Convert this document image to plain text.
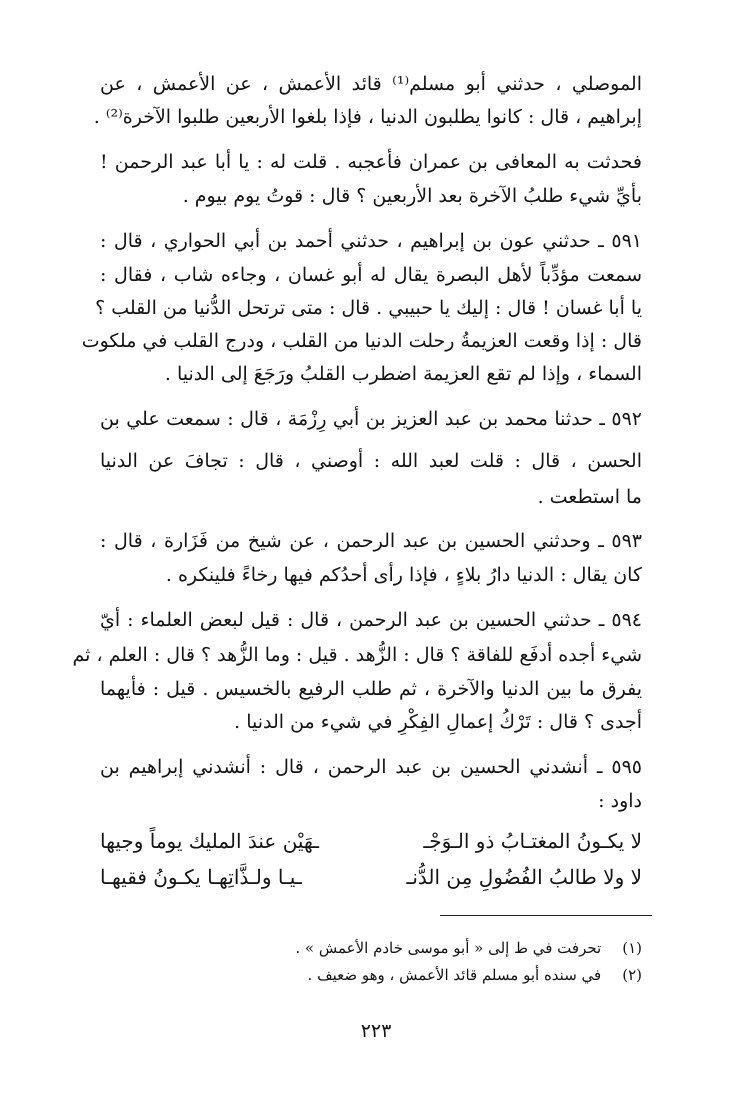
الموصلي ، حدثني أبو مسلم⁽¹⁾ قائد الأعمش ، عن الأعمش ، عن
إبراهيم ، قال : كانوا يطلبون الدنيا ، فإذا بلغوا الأربعين طلبوا الآخرة⁽²⁾ .
فحدثت به المعافى بن عمران فأعجبه . قلت له : يا أبا عبد الرحمن !
بأيِّ شيء طلبُ الآخرة بعد الأربعين ؟ قال : قوتُ يوم بيوم .
٥٩١ ـ حدثني عون بن إبراهيم ، حدثني أحمد بن أبي الحواري ، قال :
سمعت مؤدِّباً لأهل البصرة يقال له أبو غسان ، وجاءه شاب ، فقال :
يا أبا غسان ! قال : إليك يا حبيبي . قال : متى ترتحل الدُّنيا من القلب ؟
قال : إذا وقعت العزيمةُ رحلت الدنيا من القلب ، ودرج القلب في ملكوت
السماء ، وإذا لم تقع العزيمة اضطرب القلبُ ورَجَعَ إلى الدنيا .
٥٩٢ ـ حدثنا محمد بن عبد العزيز بن أبي رِزْمَة ، قال : سمعت علي بن
الحسن ، قال : قلت لعبد الله : أوصني ، قال : تجافَ عن الدنيا
ما استطعت .
٥٩٣ ـ وحدثني الحسين بن عبد الرحمن ، عن شيخ من فَزَارة ، قال :
كان يقال : الدنيا دارُ بلاءٍ ، فإذا رأى أحدُكم فيها رخاءً فلينكره .
٥٩٤ ـ حدثني الحسين بن عبد الرحمن ، قال : قيل لبعض العلماء : أيّ
شيء أجده أدفَع للفاقة ؟ قال : الزُّهد . قيل : وما الزُّهد ؟ قال : العلم ، ثم
يفرق ما بين الدنيا والآخرة ، ثم طلب الرفيع بالخسيس . قيل : فأيهما
أجدى ؟ قال : تَرْكُ إعمالِ الفِكْرِ في شيء من الدنيا .
٥٩٥ ـ أنشدني الحسين بن عبد الرحمن ، قال : أنشدني إبراهيم بن
داود :
لا يكـونُ المغتـابُ ذو الـوَجْـ
ـهَيْن عندَ المليك يوماً وجيها
لا ولا طالبُ الفُضُولِ مِن الدُّنـ
ـيـا ولـذَّاتِهـا يكـونُ فقيهـا
(١) تحرفت في ط إلى « أبو موسى خادم الأعمش » .
(٢) في سنده أبو مسلم قائد الأعمش ، وهو ضعيف .
٢٢٣
